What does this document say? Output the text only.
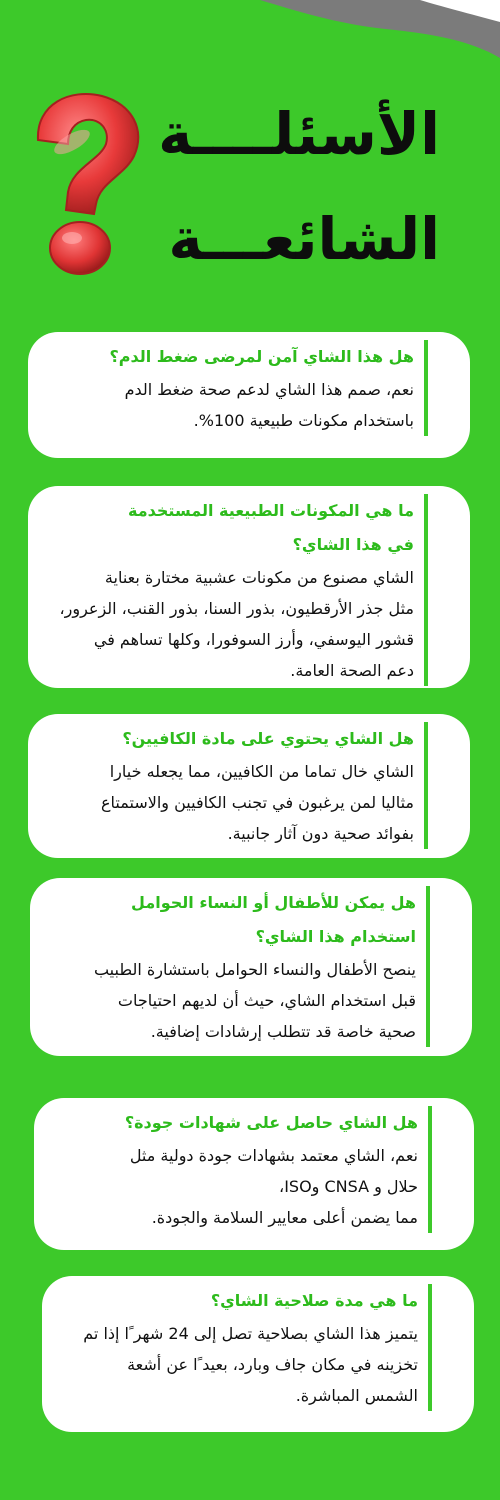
الأسئلــــة
الشائعـــة
هل هذا الشاي آمن لمرضى ضغط الدم؟
نعم، صمم هذا الشاي لدعم صحة ضغط الدم
باستخدام مكونات طبيعية 100%.
ما هي المكونات الطبيعية المستخدمة
في هذا الشاي؟
الشاي مصنوع من مكونات عشبية مختارة بعناية
مثل جذر الأرقطيون، بذور السنا، بذور القنب، الزعرور،
قشور اليوسفي، وأرز السوفورا، وكلها تساهم في
دعم الصحة العامة.
هل الشاي يحتوي على مادة الكافيين؟
الشاي خال تماما من الكافيين، مما يجعله خيارا
مثاليا لمن يرغبون في تجنب الكافيين والاستمتاع
بفوائد صحية دون آثار جانبية.
هل يمكن للأطفال أو النساء الحوامل
استخدام هذا الشاي؟
ينصح الأطفال والنساء الحوامل باستشارة الطبيب
قبل استخدام الشاي، حيث أن لديهم احتياجات
صحية خاصة قد تتطلب إرشادات إضافية.
هل الشاي حاصل على شهادات جودة؟
نعم، الشاي معتمد بشهادات جودة دولية مثل
حلال و CNSA وISO،
مما يضمن أعلى معايير السلامة والجودة.
ما هي مدة صلاحية الشاي؟
يتميز هذا الشاي بصلاحية تصل إلى 24 شهر ًا إذا تم
تخزينه في مكان جاف وبارد، بعيد ًا عن أشعة
الشمس المباشرة.
